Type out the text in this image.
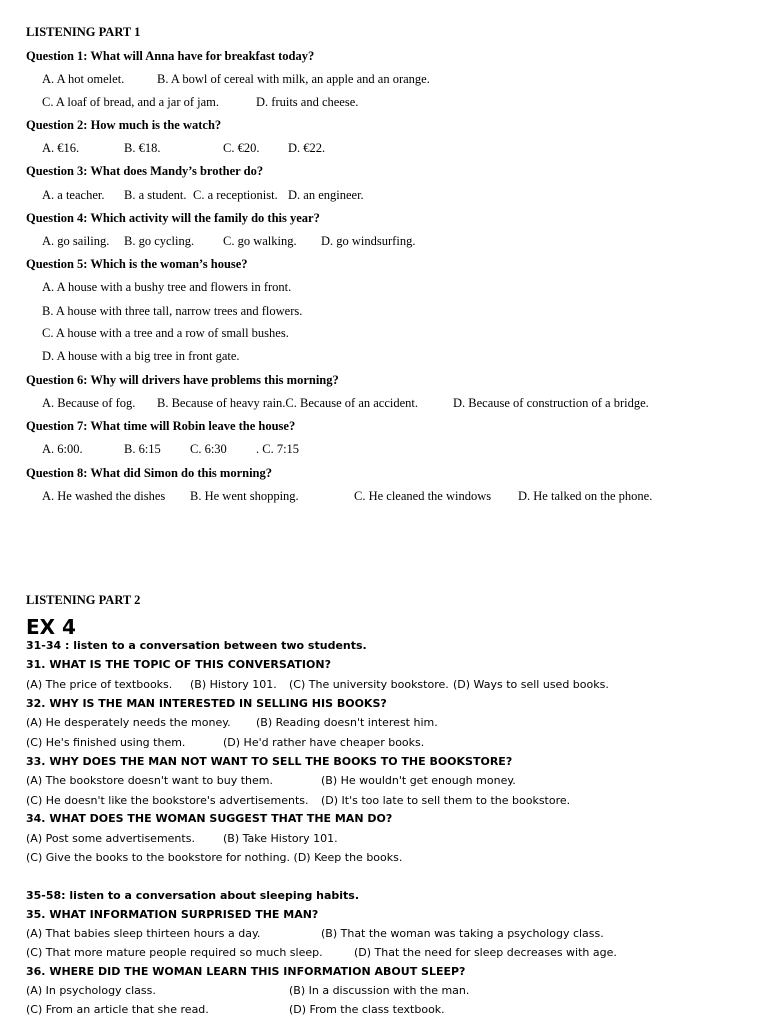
LISTENING PART 1
Question 1: What will Anna have for breakfast today?
A. A hot omelet.	B. A bowl of cereal with milk, an apple and an orange.
C. A loaf of bread, and a jar of jam.	D. fruits and cheese.
Question 2: How much is the watch?
A. €16.	B. €18.	C. €20. D. €22.
Question 3: What does Mandy’s brother do?
A. a teacher. B. a student. C. a receptionist. D. an engineer.
Question 4: Which activity will the family do this year?
A. go sailing. B. go cycling. C. go walking. D. go windsurfing.
Question 5: Which is the woman’s house?
A. A house with a bushy tree and flowers in front.
B. A house with three tall, narrow trees and flowers.
C. A house with a tree and a row of small bushes.
D. A house with a big tree in front gate.
Question 6: Why will drivers have problems this morning?
A. Because of fog. B. Because of heavy rain.C. Because of an accident.	D. Because of construction of a bridge.
Question 7: What time will Robin leave the house?
A. 6:00.	B. 6:15 C. 6:30 . C. 7:15
Question 8: What did Simon do this morning?
A. He washed the dishes B. He went shopping.	C. He cleaned the windows D. He talked on the phone.
LISTENING PART 2
EX 4
31-34 : listen to a conversation between two students.
31. WHAT IS THE TOPIC OF THIS CONVERSATION?
(A) The price of textbooks. (B) History 101. (C) The university bookstore. (D) Ways to sell used books.
32. WHY IS THE MAN INTERESTED IN SELLING HIS BOOKS?
(A) He desperately needs the money. (B) Reading doesn't interest him.
(C) He's finished using them.	(D) He'd rather have cheaper books.
33. WHY DOES THE MAN NOT WANT TO SELL THE BOOKS TO THE BOOKSTORE?
(A) The bookstore doesn't want to buy them.	(B) He wouldn't get enough money.
(C) He doesn't like the bookstore's advertisements. (D) It's too late to sell them to the bookstore.
34. WHAT DOES THE WOMAN SUGGEST THAT THE MAN DO?
(A) Post some advertisements.	(B) Take History 101.
(C) Give the books to the bookstore for nothing. (D) Keep the books.
35-58: listen to a conversation about sleeping habits.
35. WHAT INFORMATION SURPRISED THE MAN?
(A) That babies sleep thirteen hours a day.	(B) That the woman was taking a psychology class.
(C) That more mature people required so much sleep.	(D) That the need for sleep decreases with age.
36. WHERE DID THE WOMAN LEARN THIS INFORMATION ABOUT SLEEP?
(A) In psychology class.	(B) In a discussion with the man.
(C) From an article that she read.	(D) From the class textbook.
